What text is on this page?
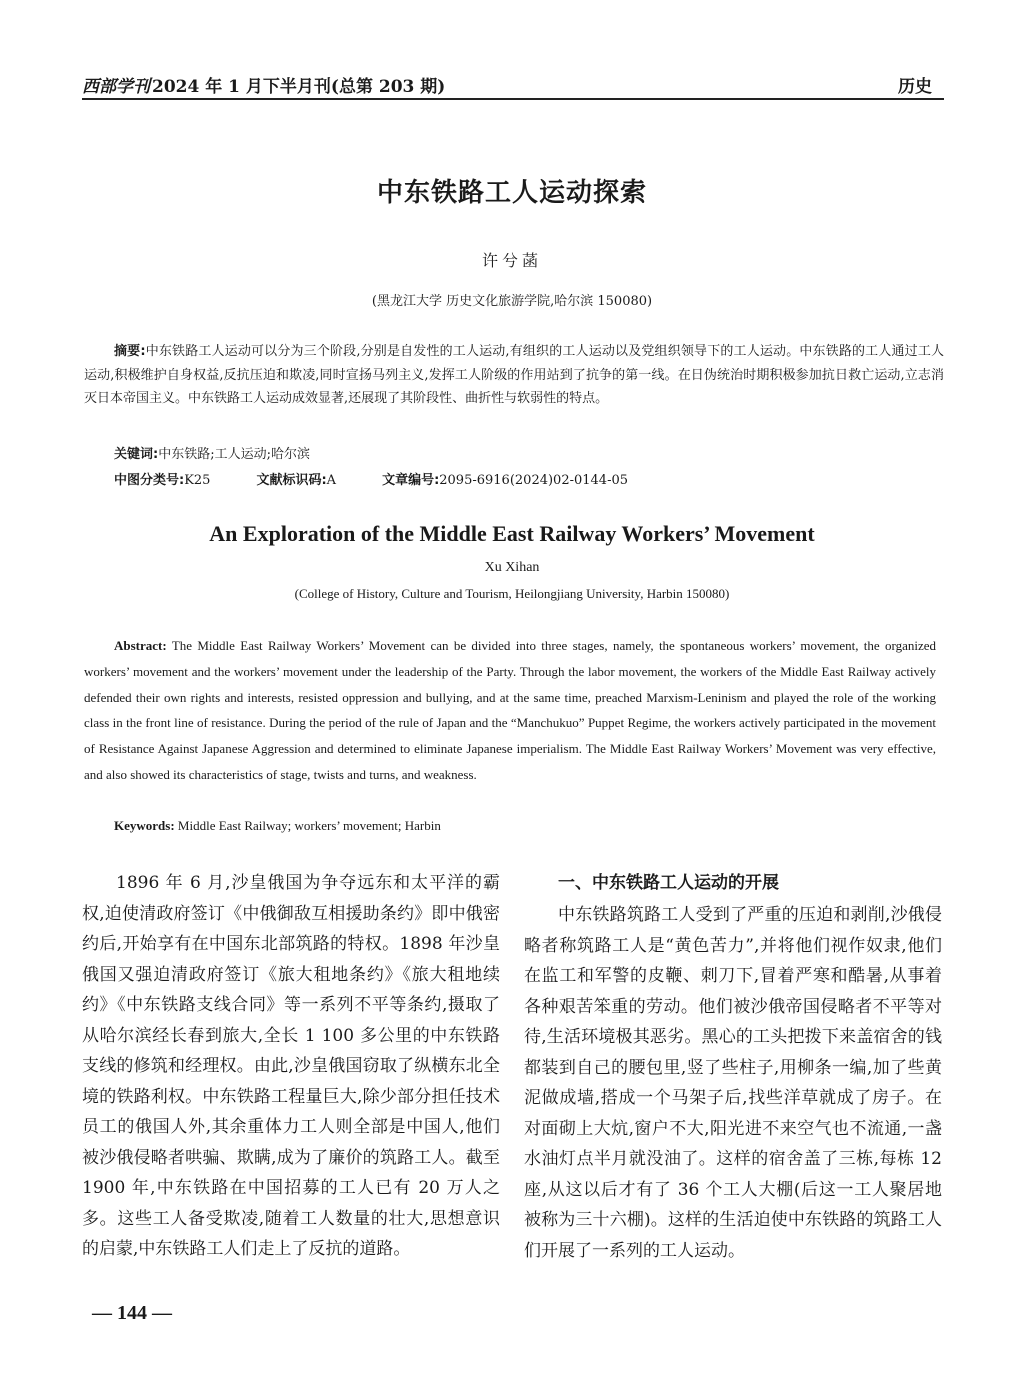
西部学刊 2024 年 1 月下半月刊(总第 203 期)	历史
中东铁路工人运动探索
许兮菡
(黑龙江大学 历史文化旅游学院,哈尔滨 150080)
摘要:中东铁路工人运动可以分为三个阶段,分别是自发性的工人运动,有组织的工人运动以及党组织领导下的工人运动。中东铁路的工人通过工人运动,积极维护自身权益,反抗压迫和欺凌,同时宣扬马列主义,发挥工人阶级的作用站到了抗争的第一线。在日伪统治时期积极参加抗日救亡运动,立志消灭日本帝国主义。中东铁路工人运动成效显著,还展现了其阶段性、曲折性与软弱性的特点。
关键词:中东铁路;工人运动;哈尔滨
中图分类号:K25	文献标识码:A	文章编号:2095-6916(2024)02-0144-05
An Exploration of the Middle East Railway Workers’ Movement
Xu Xihan
(College of History, Culture and Tourism, Heilongjiang University, Harbin 150080)
Abstract: The Middle East Railway Workers’ Movement can be divided into three stages, namely, the spontaneous workers’ movement, the organized workers’ movement and the workers’ movement under the leadership of the Party. Through the labor movement, the workers of the Middle East Railway actively defended their own rights and interests, resisted oppression and bullying, and at the same time, preached Marxism-Leninism and played the role of the working class in the front line of resistance. During the period of the rule of Japan and the “Manchukuo” Puppet Regime, the workers actively participated in the movement of Resistance Against Japanese Aggression and determined to eliminate Japanese imperialism. The Middle East Railway Workers’ Movement was very effective, and also showed its characteristics of stage, twists and turns, and weakness.
Keywords: Middle East Railway; workers’ movement; Harbin

1896 年 6 月,沙皇俄国为争夺远东和太平洋的霸权,迫使清政府签订《中俄御敌互相援助条约》即中俄密约后,开始享有在中国东北部筑路的特权。1898 年沙皇俄国又强迫清政府签订《旅大租地条约》《旅大租地续约》《中东铁路支线合同》等一系列不平等条约,摄取了从哈尔滨经长春到旅大,全长 1 100 多公里的中东铁路支线的修筑和经理权。由此,沙皇俄国窃取了纵横东北全境的铁路利权。中东铁路工程量巨大,除少部分担任技术员工的俄国人外,其余重体力工人则全部是中国人,他们被沙俄侵略者哄骗、欺瞒,成为了廉价的筑路工人。截至 1900 年,中东铁路在中国招募的工人已有 20 万人之多。这些工人备受欺凌,随着工人数量的壮大,思想意识的启蒙,中东铁路工人们走上了反抗的道路。

一、中东铁路工人运动的开展

中东铁路筑路工人受到了严重的压迫和剥削,沙俄侵略者称筑路工人是“黄色苦力”,并将他们视作奴隶,他们在监工和军警的皮鞭、刺刀下,冒着严寒和酷暑,从事着各种艰苦笨重的劳动。他们被沙俄帝国侵略者不平等对待,生活环境极其恶劣。黑心的工头把拨下来盖宿舍的钱都装到自己的腰包里,竖了些柱子,用柳条一编,加了些黄泥做成墙,搭成一个马架子后,找些洋草就成了房子。在对面砌上大炕,窗户不大,阳光进不来空气也不流通,一盏水油灯点半月就没油了。这样的宿舍盖了三栋,每栋 12 座,从这以后才有了 36 个工人大棚(后这一工人聚居地被称为三十六棚)。这样的生活迫使中东铁路的筑路工人们开展了一系列的工人运动。

— 144 —
